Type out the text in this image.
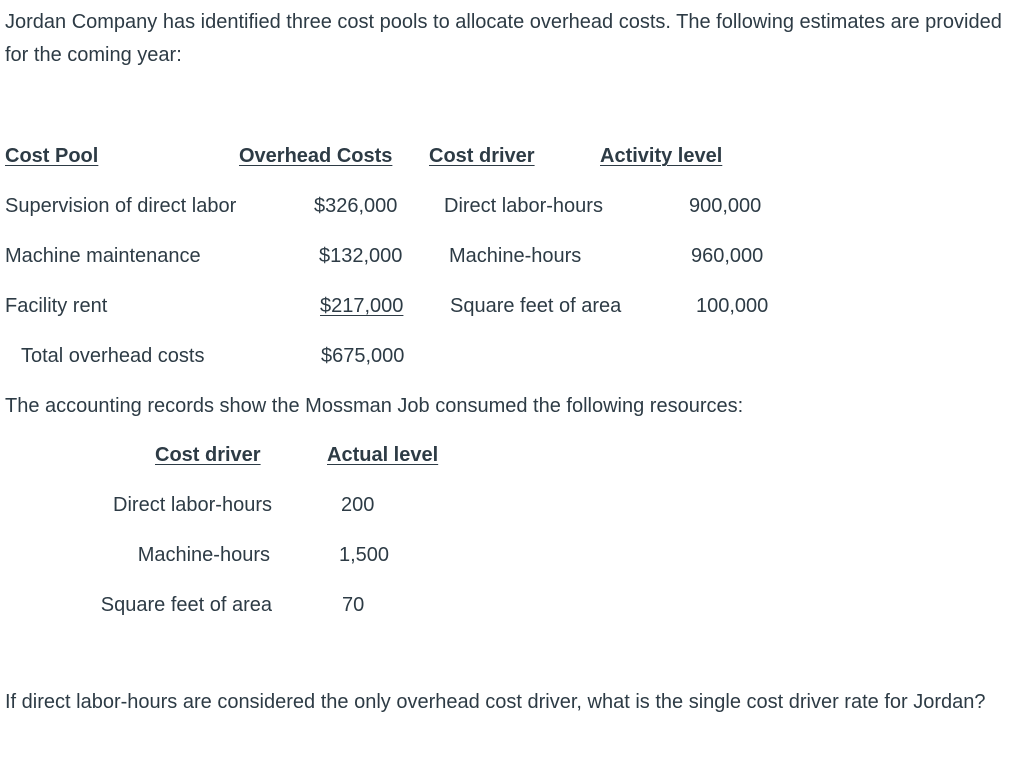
Jordan Company has identified three cost pools to allocate overhead costs. The following estimates are provided for the coming year:
Cost Pool	Overhead Costs Cost driver	Activity level
Supervision of direct labor	$326,000 Direct labor-hours	900,000
Machine maintenance	$132,000 Machine-hours	960,000
Facility rent	$217,000 Square feet of area	100,000
Total overhead costs	$675,000
The accounting records show the Mossman Job consumed the following resources:
Cost driver	Actual level
Direct labor-hours	200
Machine-hours	1,500
Square feet of area	70
If direct labor-hours are considered the only overhead cost driver, what is the single cost driver rate for Jordan?
